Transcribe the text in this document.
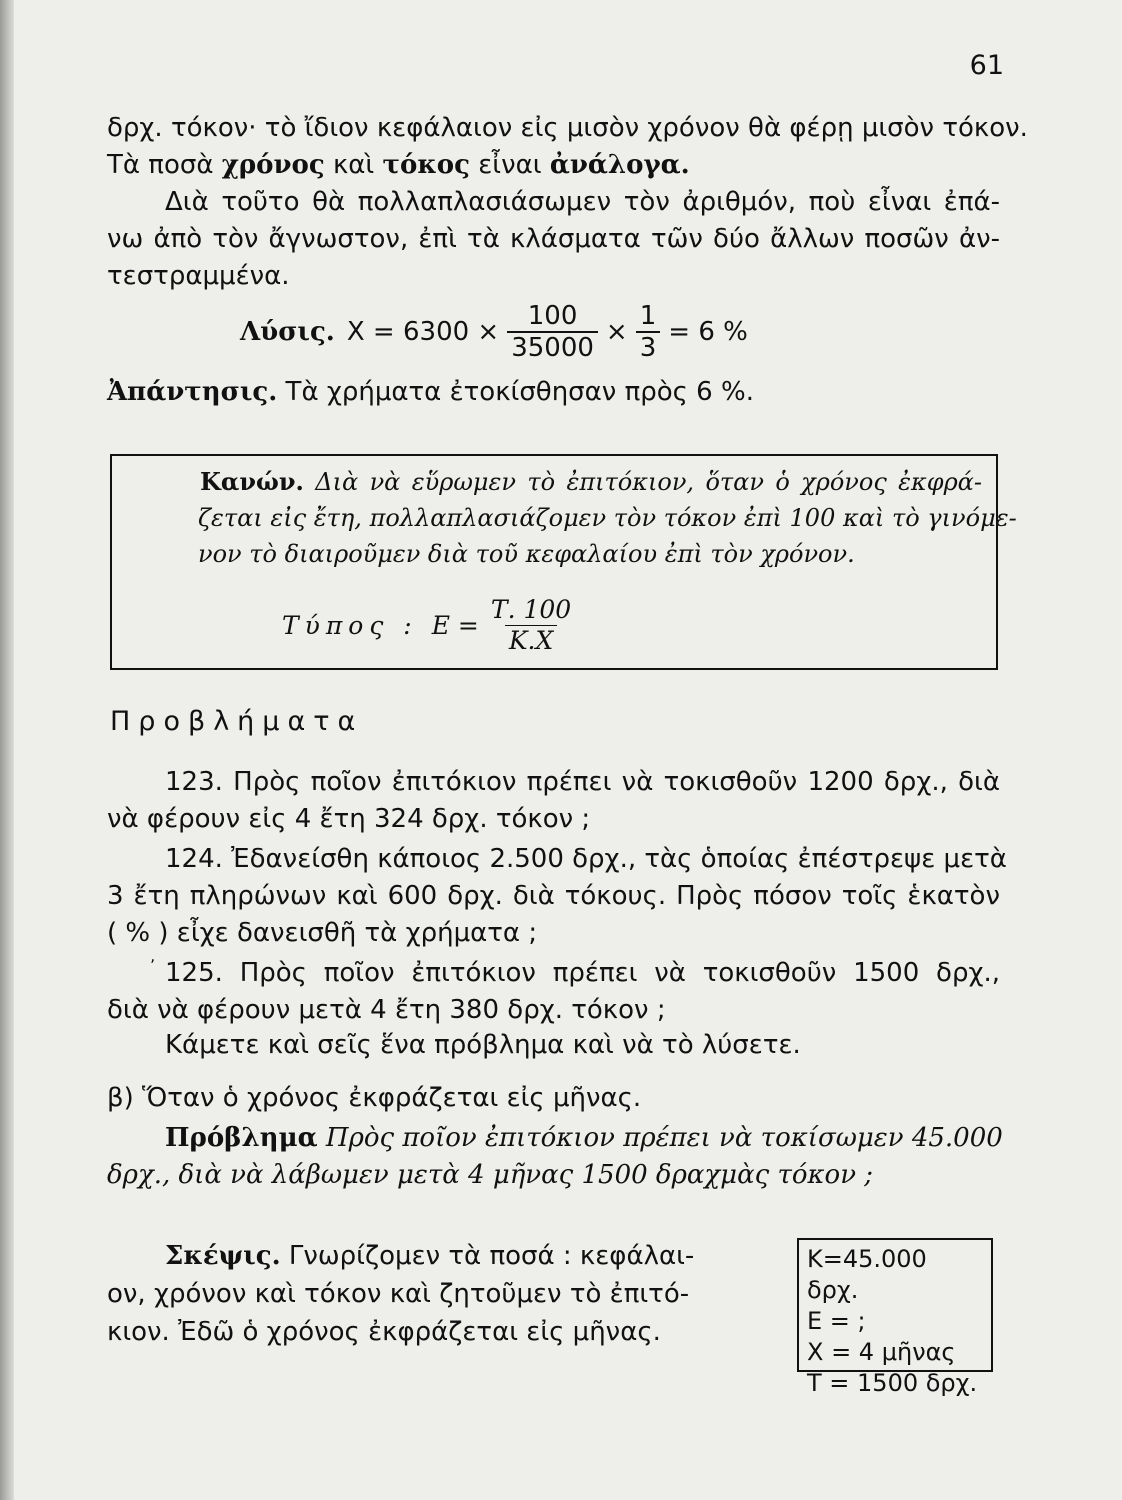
61
δρχ. τόκον· τὸ ἴδιον κεφάλαιον εἰς μισὸν χρόνον θὰ φέρῃ μισὸν τόκον.
Τὰ ποσὰ χρόνος καὶ τόκος εἶναι ἀνάλογα.
Διὰ τοῦτο θὰ πολλαπλασιάσωμεν τὸν ἀριθμόν, ποὺ εἶναι ἐπά-
νω ἀπὸ τὸν ἄγνωστον, ἐπὶ τὰ κλάσματα τῶν δύο ἄλλων ποσῶν ἀν-
τεστραμμένα.
Λύσις. $X = 6300 \times \frac{100}{35000} \times \frac{1}{3} = 6$ %
Ἀπάντησις. Τὰ χρήματα ἐτοκίσθησαν πρὸς 6 %.
Κανών. Διὰ νὰ εὕρωμεν τὸ ἐπιτόκιον, ὅταν ὁ χρόνος ἐκφρά-
ζεται εἰς ἔτη, πολλαπλασιάζομεν τὸν τόκον ἐπὶ 100 καὶ τὸ γινόμε-
νον τὸ διαιροῦμεν διὰ τοῦ κεφαλαίου ἐπὶ τὸν χρόνον.
Τύπος : $E = \frac{T. 100}{K.X}$
Προβλήματα
123. Πρὸς ποῖον ἐπιτόκιον πρέπει νὰ τοκισθοῦν 1200 δρχ., διὰ
νὰ φέρουν εἰς 4 ἔτη 324 δρχ. τόκον ;
124. Ἐδανείσθη κάποιος 2.500 δρχ., τὰς ὁποίας ἐπέστρεψε μετὰ
3 ἔτη πληρώνων καὶ 600 δρχ. διὰ τόκους. Πρὸς πόσον τοῖς ἑκατὸν
( % ) εἶχε δανεισθῆ τὰ χρήματα ;
ʼ 125. Πρὸς ποῖον ἐπιτόκιον πρέπει νὰ τοκισθοῦν 1500 δρχ.,
διὰ νὰ φέρουν μετὰ 4 ἔτη 380 δρχ. τόκον ;
Κάμετε καὶ σεῖς ἕνα πρόβλημα καὶ νὰ τὸ λύσετε.
β) Ὅταν ὁ χρόνος ἐκφράζεται εἰς μῆνας.
Πρόβλημα Πρὸς ποῖον ἐπιτόκιον πρέπει νὰ τοκίσωμεν 45.000
δρχ., διὰ νὰ λάβωμεν μετὰ 4 μῆνας 1500 δραχμὰς τόκον ;
Σκέψις. Γνωρίζομεν τὰ ποσά : κεφάλαι-
ον, χρόνον καὶ τόκον καὶ ζητοῦμεν τὸ ἐπιτό-
κιον. Ἐδῶ ὁ χρόνος ἐκφράζεται εἰς μῆνας.
Κ=45.000 δρχ.
Ε = ;
Χ = 4 μῆνας
Τ = 1500 δρχ.
